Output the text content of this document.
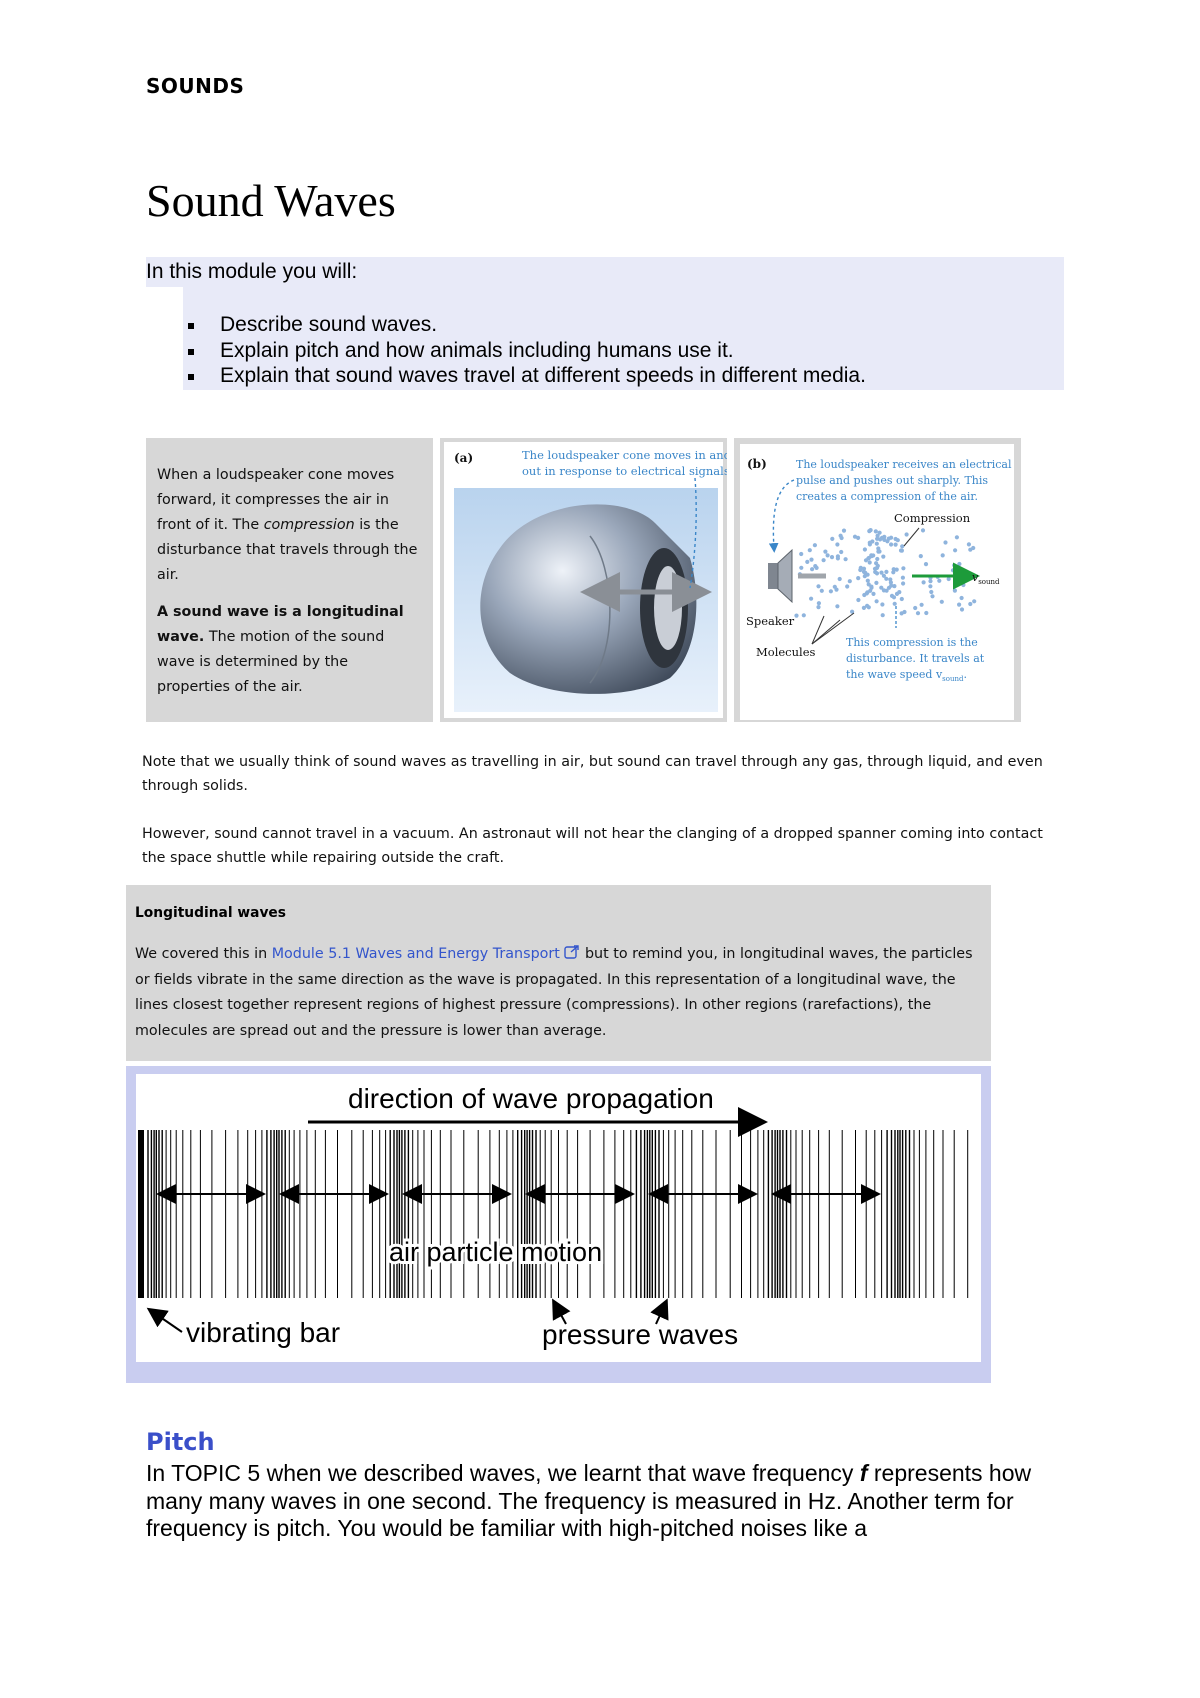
SOUNDS
Sound Waves
In this module you will:
Describe sound waves.
Explain pitch and how animals including humans use it.
Explain that sound waves travel at different speeds in different media.
When a loudspeaker cone moves forward, it compresses the air in front of it. The compression is the disturbance that travels through the air.
A sound wave is a longitudinal wave. The motion of the sound wave is determined by the properties of the air.
(a)	The loudspeaker cone moves in and
out in response to electrical signals.
$v_{sound}$
(b)	The loudspeaker receives an electrical
pulse and pushes out sharply. This
creates a compression of the air.
Compression
Speaker
Molecules
This compression is the
disturbance. It travels at
the wave speed $v_{sound}$.
Note that we usually think of sound waves as travelling in air, but sound can travel through any gas, through liquid, and even through solids.
However, sound cannot travel in a vacuum. An astronaut will not hear the clanging of a dropped spanner coming into contact the space shuttle while repairing outside the craft.
Longitudinal waves
We covered this in Module 5.1 Waves and Energy Transport  but to remind you, in longitudinal waves, the particles or fields vibrate in the same direction as the wave is propagated. In this representation of a longitudinal wave, the lines closest together represent regions of highest pressure (compressions). In other regions (rarefactions), the molecules are spread out and the pressure is lower than average.
direction of wave propagation
air particle motion
vibrating bar	pressure waves
Pitch
In TOPIC 5 when we described waves, we learnt that wave frequency f represents how many many waves in one second. The frequency is measured in Hz. Another term for frequency is pitch. You would be familiar with high-pitched noises like a
